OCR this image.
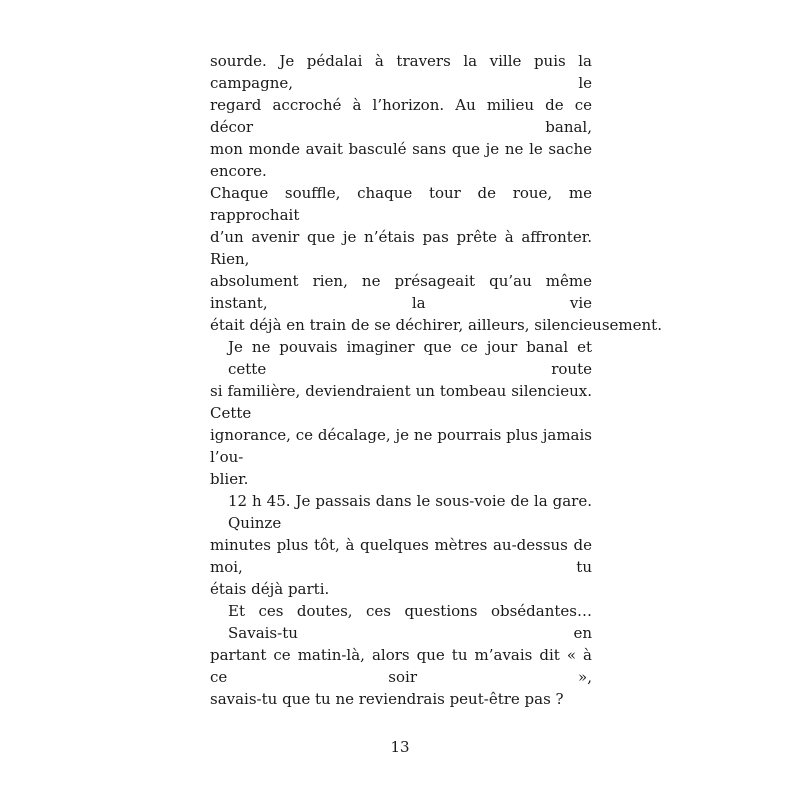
sourde. Je pédalai à travers la ville puis la campagne, le
regard accroché à l’horizon. Au milieu de ce décor banal,
mon monde avait basculé sans que je ne le sache encore.
Chaque souffle, chaque tour de roue, me rapprochait
d’un avenir que je n’étais pas prête à affronter. Rien,
absolument rien, ne présageait qu’au même instant, la vie
était déjà en train de se déchirer, ailleurs, silencieusement.

Je ne pouvais imaginer que ce jour banal et cette route
si familière, deviendraient un tombeau silencieux. Cette
ignorance, ce décalage, je ne pourrais plus jamais l’ou-
blier.

12 h 45. Je passais dans le sous-voie de la gare. Quinze
minutes plus tôt, à quelques mètres au-dessus de moi, tu
étais déjà parti.

Et ces doutes, ces questions obsédantes… Savais-tu en
partant ce matin-là, alors que tu m’avais dit « à ce soir »,
savais-tu que tu ne reviendrais peut-être pas ?

13
